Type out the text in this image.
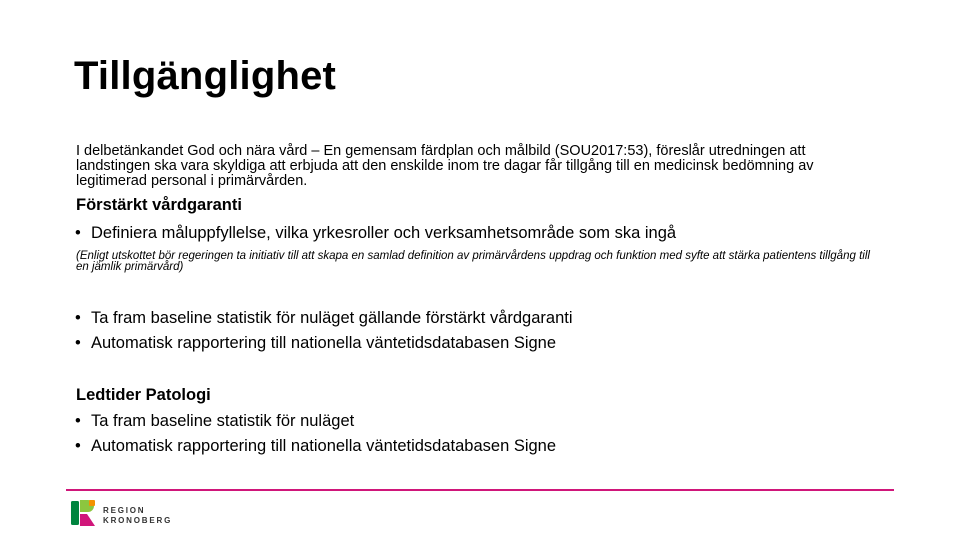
Tillgänglighet
I delbetänkandet God och nära vård – En gemensam färdplan och målbild (SOU2017:53), föreslår utredningen att landstingen ska vara skyldiga att erbjuda att den enskilde inom tre dagar får tillgång till en medicinsk bedömning av legitimerad personal i primärvården.
Förstärkt vårdgaranti
• Definiera måluppfyllelse, vilka yrkesroller och verksamhetsområde som ska ingå
(Enligt utskottet bör regeringen ta initiativ till att skapa en samlad definition av primärvårdens uppdrag och funktion med syfte att stärka patientens tillgång till en jämlik primärvård)
• Ta fram baseline statistik för nuläget gällande förstärkt vårdgaranti
• Automatisk rapportering till nationella väntetidsdatabasen Signe
Ledtider Patologi
• Ta fram baseline statistik för nuläget
• Automatisk rapportering till nationella väntetidsdatabasen Signe
REGION
KRONOBERG
